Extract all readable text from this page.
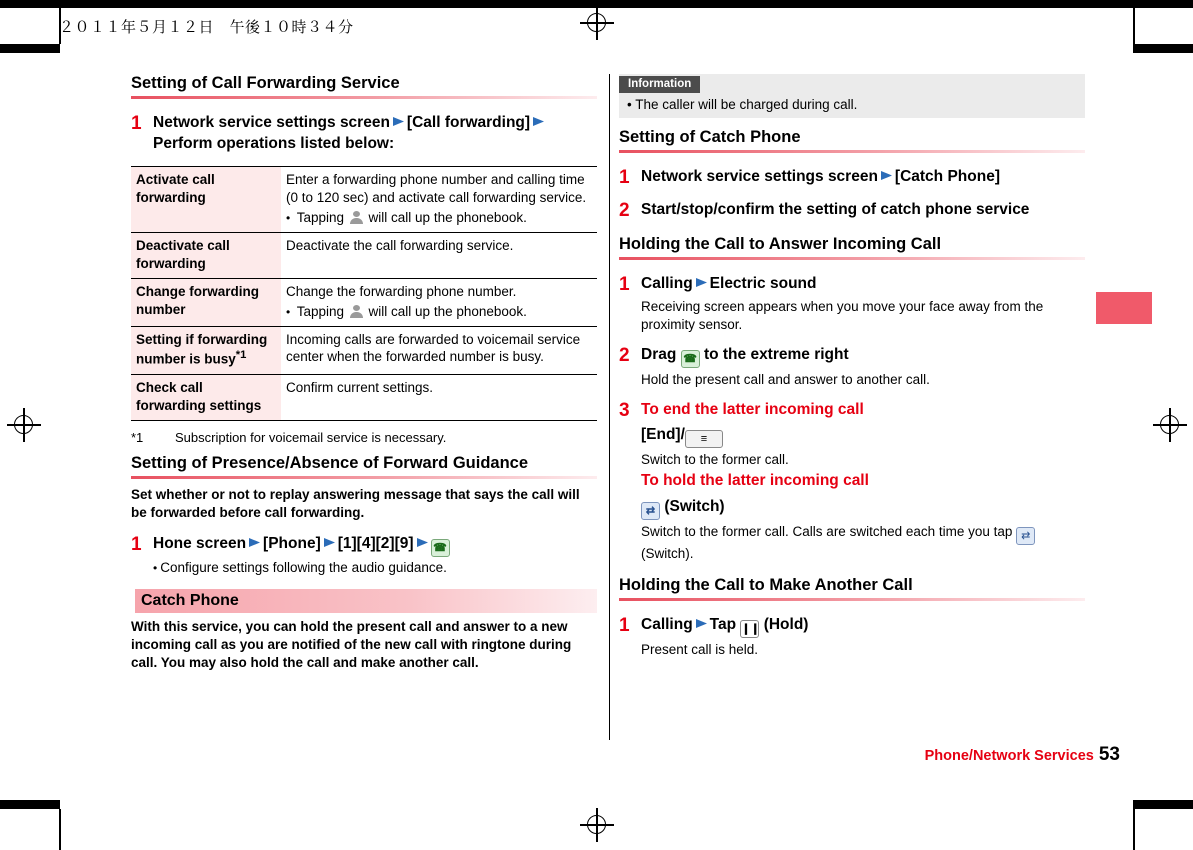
２０１１年５月１２日　午後１０時３４分
Setting of Call Forwarding Service
1 Network service settings screen [Call forwarding]Perform operations listed below:
Activate call forwarding	Enter a forwarding phone number and calling time (0 to 120 sec) and activate call forwarding service.
• Tapping will call up the phonebook.

Deactivate call forwarding	Deactivate the call forwarding service.
Change forwarding number	Change the forwarding phone number.
• Tapping will call up the phonebook.

Setting if forwarding number is busy$^{*1}$	Incoming calls are forwarded to voicemail service center when the forwarded number is busy.
Check call forwarding settings	Confirm current settings.
*1 Subscription for voicemail service is necessary.
Setting of Presence/Absence of Forward Guidance
Set whether or not to replay answering message that says the call will be forwarded before call forwarding.
1 Hone screen [Phone] [1][4][2][9] ☎
• Configure settings following the audio guidance.
Catch Phone
With this service, you can hold the present call and answer to a new incoming call as you are notified of the new call with ringtone during call. You may also hold the call and make another call.
Information
• The caller will be charged during call.
Setting of Catch Phone
1 Network service settings screen [Catch Phone]
2 Start/stop/confirm the setting of catch phone service
Holding the Call to Answer Incoming Call
1 Calling Electric sound
Receiving screen appears when you move your face away from the proximity sensor.
2 Drag ☎ to the extreme right
Hold the present call and answer to another call.
3 To end the latter incoming call
[End]/ ≡
Switch to the former call.
To hold the latter incoming call
⇄ (Switch)
Switch to the former call. Calls are switched each time you tap ⇄ (Switch).
Holding the Call to Make Another Call
1 Calling Tap ❙❙ (Hold)
Present call is held.
Phone/Network Services 53
